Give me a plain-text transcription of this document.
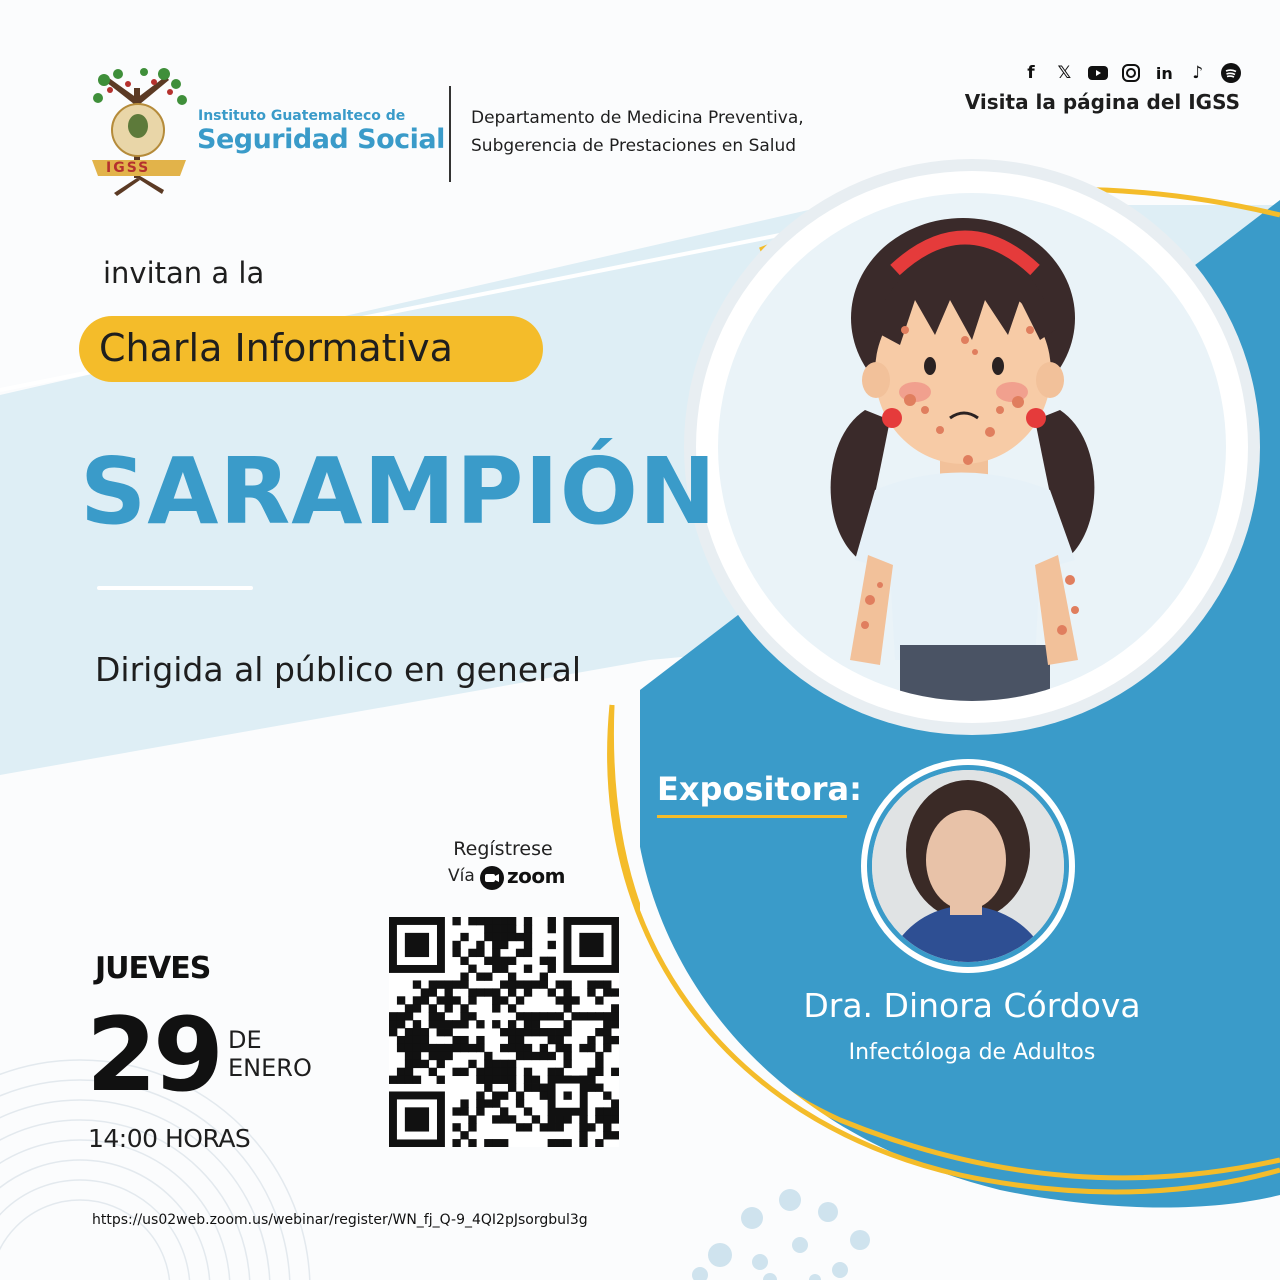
IGSS
Instituto Guatemalteco de
Seguridad Social
Departamento de Medicina Preventiva,
Subgerencia de Prestaciones en Salud
f	𝕏	in	♪
Visita la página del IGSS
invitan a la
Charla Informativa
SARAMPIÓN
Dirigida al público en general
Expositora:
Dra. Dinora Córdova
Infectóloga de Adultos
Regístrese
Vía zoom
JUEVES
29 DE
ENERO
14:00 HORAS
https://us02web.zoom.us/webinar/register/WN_fj_Q-9_4QI2pJsorgbul3g
